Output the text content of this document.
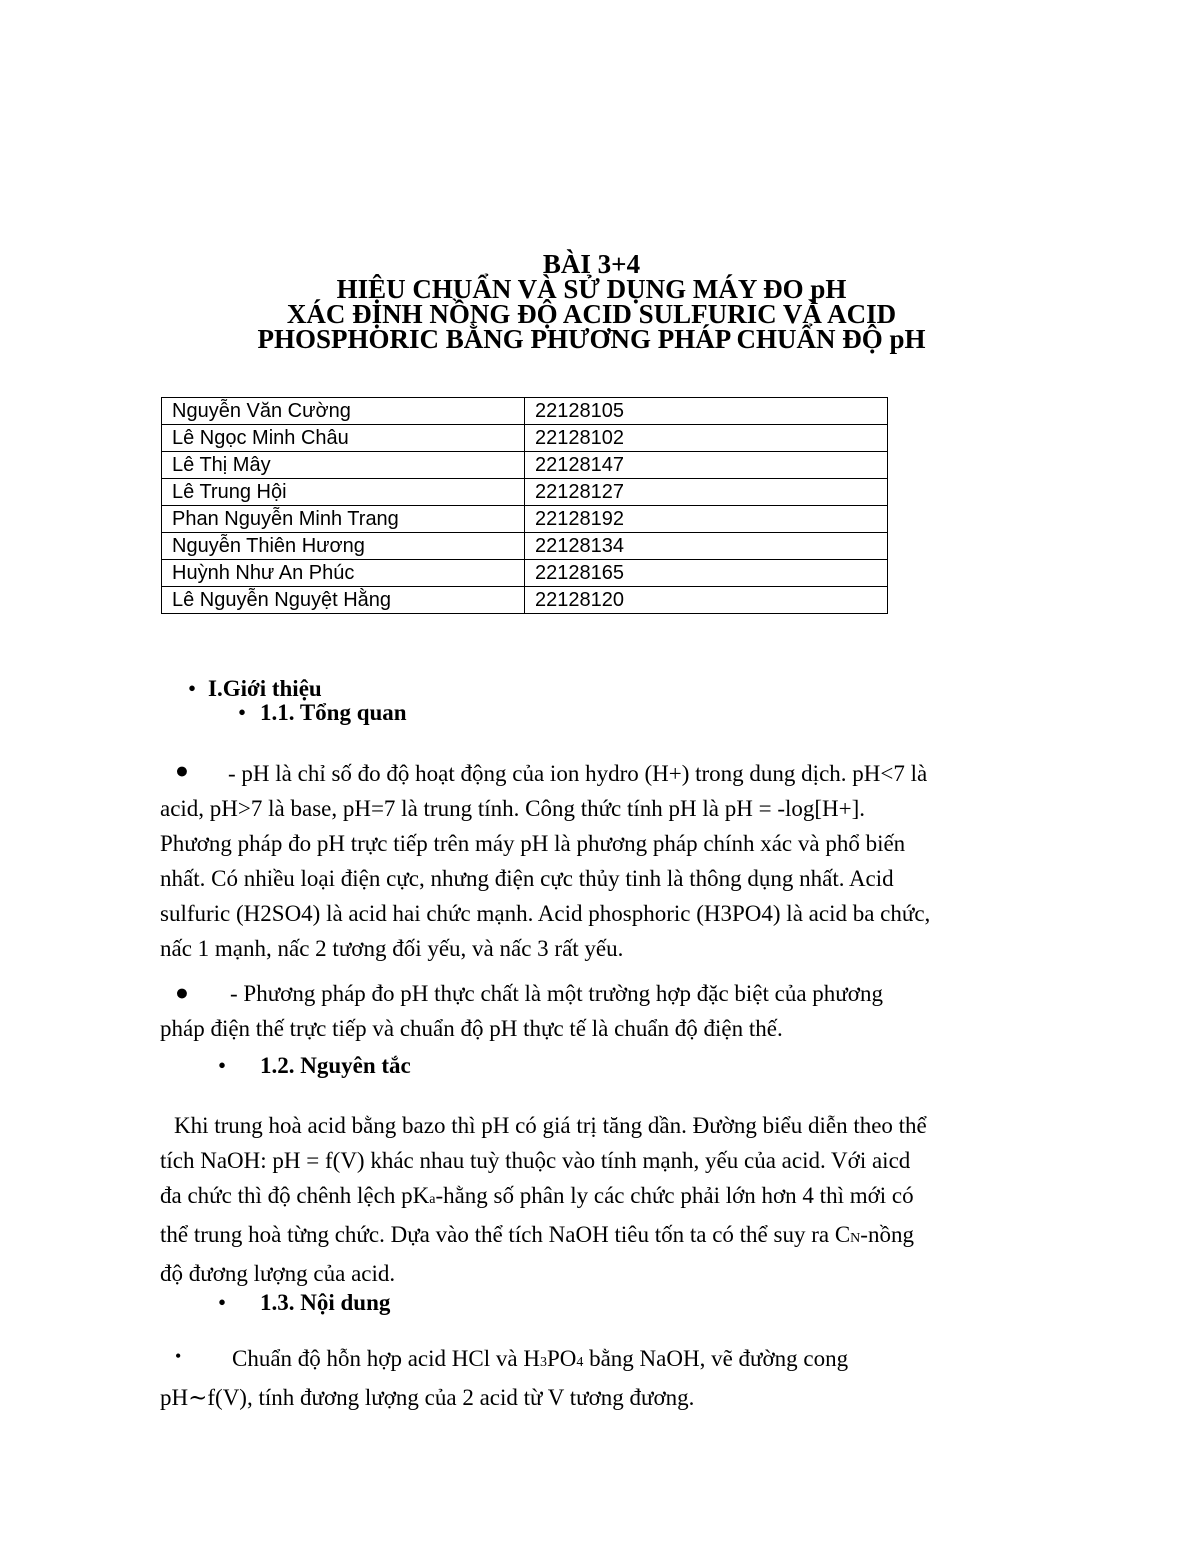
BÀI 3+4
HIỆU CHUẨN VÀ SỬ DỤNG MÁY ĐO pH
XÁC ĐỊNH NỒNG ĐỘ ACID SULFURIC VÀ ACID
PHOSPHORIC BẰNG PHƯƠNG PHÁP CHUẨN ĐỘ pH
Nguyễn Văn Cường	22128105
Lê Ngọc Minh Châu	22128102
Lê Thị Mây	22128147
Lê Trung Hội	22128127
Phan Nguyễn Minh Trang	22128192
Nguyễn Thiên Hương	22128134
Huỳnh Như An Phúc	22128165
Lê Nguyễn Nguyệt Hằng	22128120
• I.Giới thiệu
• 1.1. Tổng quan
●	- pH là chỉ số đo độ hoạt động của ion hydro (H+) trong dung dịch. pH<7 là
acid, pH>7 là base, pH=7 là trung tính. Công thức tính pH là pH = -log[H+].
Phương pháp đo pH trực tiếp trên máy pH là phương pháp chính xác và phổ biến
nhất. Có nhiều loại điện cực, nhưng điện cực thủy tinh là thông dụng nhất. Acid
sulfuric (H2SO4) là acid hai chức mạnh. Acid phosphoric (H3PO4) là acid ba chức,
nấc 1 mạnh, nấc 2 tương đối yếu, và nấc 3 rất yếu.
●	- Phương pháp đo pH thực chất là một trường hợp đặc biệt của phương
pháp điện thế trực tiếp và chuẩn độ pH thực tế là chuẩn độ điện thế.
• 1.2. Nguyên tắc
Khi trung hoà acid bằng bazo thì pH có giá trị tăng dần. Đường biểu diễn theo thể
tích NaOH: pH = f(V) khác nhau tuỳ thuộc vào tính mạnh, yếu của acid. Với aicd
đa chức thì độ chênh lệch pKa-hằng số phân ly các chức phải lớn hơn 4 thì mới có
thể trung hoà từng chức. Dựa vào thể tích NaOH tiêu tốn ta có thể suy ra CN-nồng
độ đương lượng của acid.
• 1.3. Nội dung
•	Chuẩn độ hỗn hợp acid HCl và H3PO4 bằng NaOH, vẽ đường cong
pH∼f(V), tính đương lượng của 2 acid từ V tương đương.
